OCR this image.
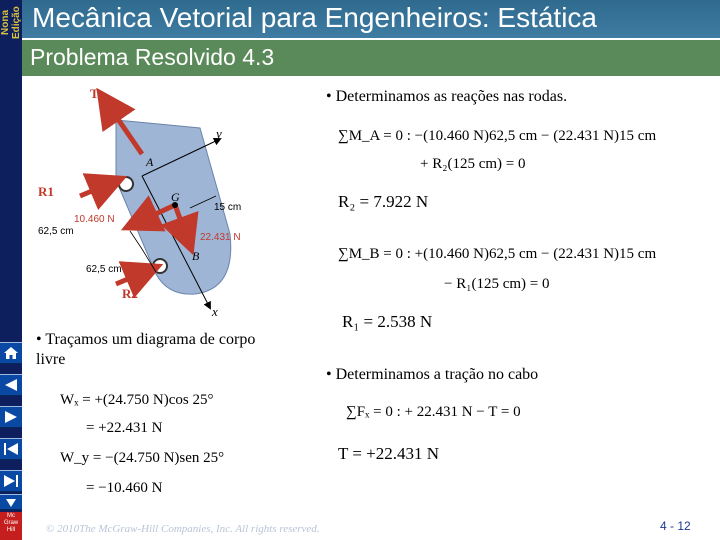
Nona Edição
Mc
Graw
Hill
Mecânica Vetorial para Engenheiros: Estática
Problema Resolvido 4.3
T
y
x
A
G
B
R1
R2
10.460 N
22.431 N
15 cm
62,5 cm
62,5 cm
• Determinamos as reações nas rodas.
• Traçamos um diagrama de corpo livre
• Determinamos a tração no cabo
∑M_A = 0 : −(10.460 N)62,5 cm − (22.431 N)15 cm
+ R₂(125 cm) = 0
R₂ = 7.922 N
∑M_B = 0 : +(10.460 N)62,5 cm − (22.431 N)15 cm
− R₁(125 cm) = 0
R₁ = 2.538 N
∑Fₓ = 0 : + 22.431 N − T = 0
T = +22.431 N
Wₓ = +(24.750 N)cos 25°
= +22.431 N
W_y = −(24.750 N)sen 25°
= −10.460 N
© 2010The McGraw-Hill Companies, Inc. All rights reserved.	4 - 12
